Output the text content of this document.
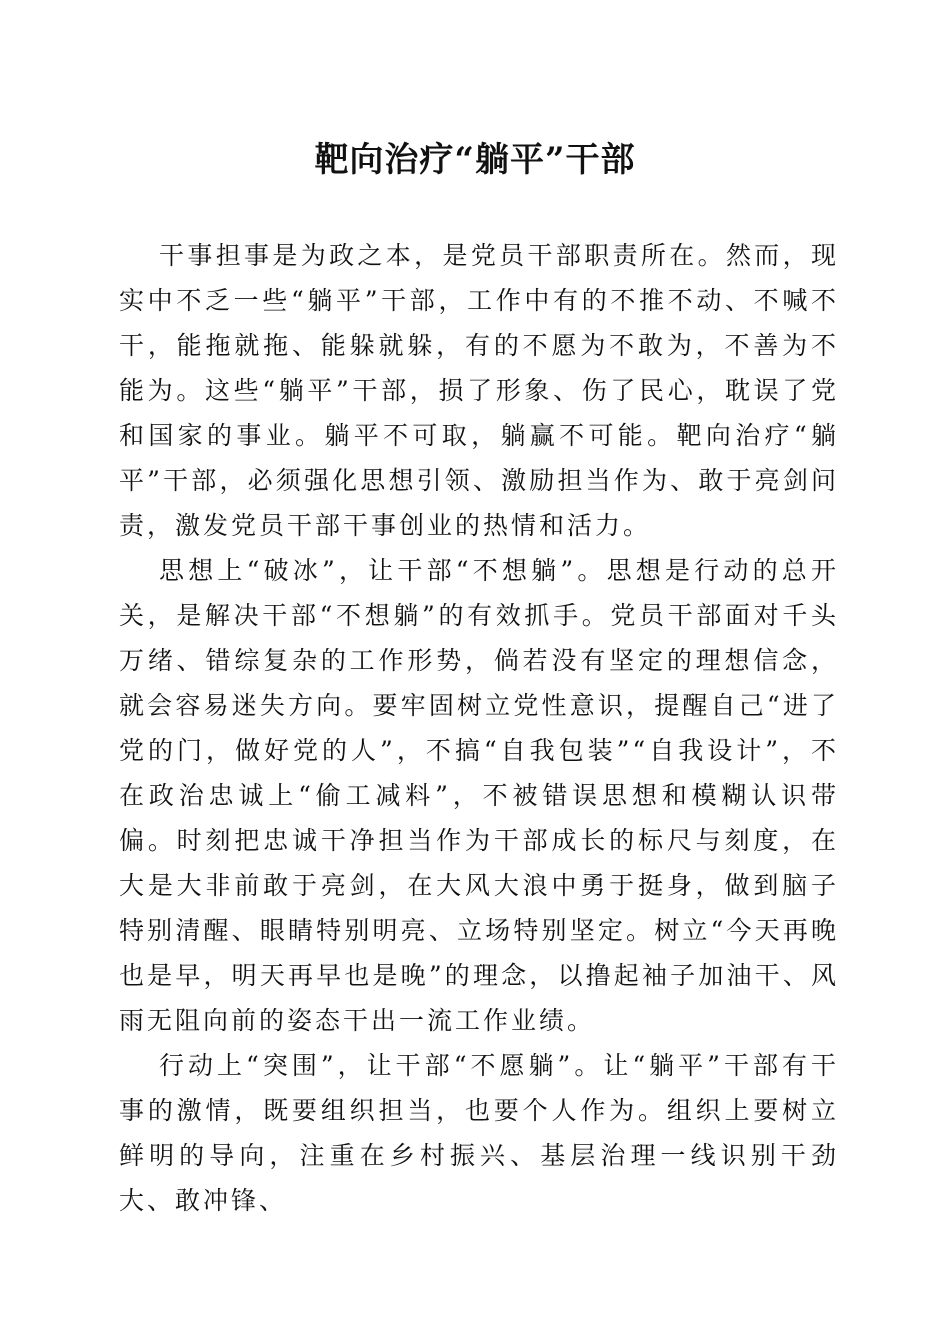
靶向治疗“躺平”干部

干事担事是为政之本，是党员干部职责所在。然而，现实中不乏一些“躺平”干部，工作中有的不推不动、不喊不干，能拖就拖、能躲就躲，有的不愿为不敢为，不善为不能为。这些“躺平”干部，损了形象、伤了民心，耽误了党和国家的事业。躺平不可取，躺赢不可能。靶向治疗“躺平”干部，必须强化思想引领、激励担当作为、敢于亮剑问责，激发党员干部干事创业的热情和活力。

思想上“破冰”，让干部“不想躺”。思想是行动的总开关，是解决干部“不想躺”的有效抓手。党员干部面对千头万绪、错综复杂的工作形势，倘若没有坚定的理想信念，就会容易迷失方向。要牢固树立党性意识，提醒自己“进了党的门，做好党的人”，不搞“自我包装”“自我设计”，不在政治忠诚上“偷工减料”，不被错误思想和模糊认识带偏。时刻把忠诚干净担当作为干部成长的标尺与刻度，在大是大非前敢于亮剑，在大风大浪中勇于挺身，做到脑子特别清醒、眼睛特别明亮、立场特别坚定。树立“今天再晚也是早，明天再早也是晚”的理念，以撸起袖子加油干、风雨无阻向前的姿态干出一流工作业绩。

行动上“突围”，让干部“不愿躺”。让“躺平”干部有干事的激情，既要组织担当，也要个人作为。组织上要树立鲜明的导向，注重在乡村振兴、基层治理一线识别干劲大、敢冲锋、
